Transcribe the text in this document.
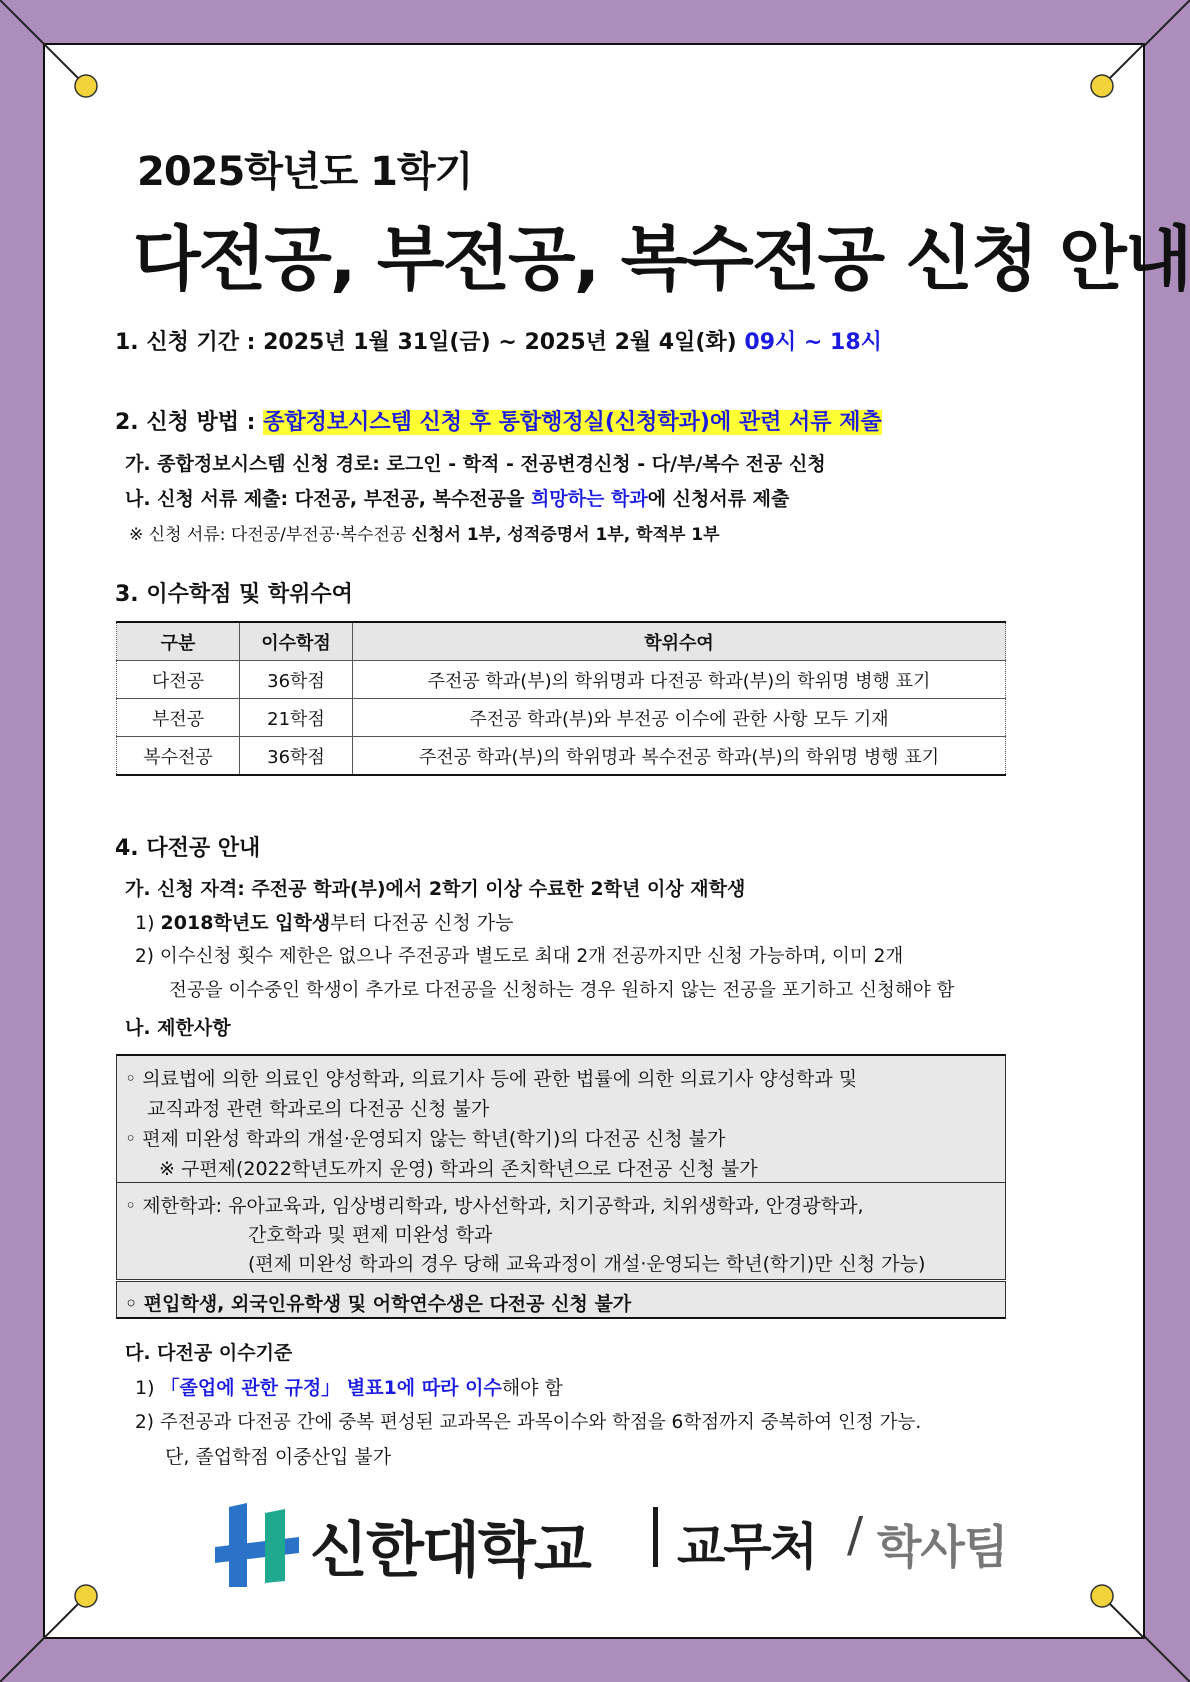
2025학년도 1학기
다전공, 부전공, 복수전공 신청 안내
1. 신청 기간 : 2025년 1월 31일(금) ~ 2025년 2월 4일(화) 09시 ~ 18시
2. 신청 방법 : 종합정보시스템 신청 후 통합행정실(신청학과)에 관련 서류 제출
가. 종합정보시스템 신청 경로: 로그인 - 학적 - 전공변경신청 - 다/부/복수 전공 신청
나. 신청 서류 제출: 다전공, 부전공, 복수전공을 희망하는 학과에 신청서류 제출
※ 신청 서류: 다전공/부전공·복수전공 신청서 1부, 성적증명서 1부, 학적부 1부
3. 이수학점 및 학위수여
구분	이수학점	학위수여
다전공	36학점	주전공 학과(부)의 학위명과 다전공 학과(부)의 학위명 병행 표기
부전공	21학점	주전공 학과(부)와 부전공 이수에 관한 사항 모두 기재
복수전공	36학점	주전공 학과(부)의 학위명과 복수전공 학과(부)의 학위명 병행 표기
4. 다전공 안내
가. 신청 자격: 주전공 학과(부)에서 2학기 이상 수료한 2학년 이상 재학생
1) 2018학년도 입학생부터 다전공 신청 가능
2) 이수신청 횟수 제한은 없으나 주전공과 별도로 최대 2개 전공까지만 신청 가능하며, 이미 2개
전공을 이수중인 학생이 추가로 다전공을 신청하는 경우 원하지 않는 전공을 포기하고 신청해야 함
나. 제한사항
◦ 의료법에 의한 의료인 양성학과, 의료기사 등에 관한 법률에 의한 의료기사 양성학과 및
교직과정 관련 학과로의 다전공 신청 불가
◦ 편제 미완성 학과의 개설·운영되지 않는 학년(학기)의 다전공 신청 불가
※ 구편제(2022학년도까지 운영) 학과의 존치학년으로 다전공 신청 불가
◦ 제한학과: 유아교육과, 임상병리학과, 방사선학과, 치기공학과, 치위생학과, 안경광학과,
간호학과 및 편제 미완성 학과
(편제 미완성 학과의 경우 당해 교육과정이 개설·운영되는 학년(학기)만 신청 가능)
◦ 편입학생, 외국인유학생 및 어학연수생은 다전공 신청 불가
다. 다전공 이수기준
1) 「졸업에 관한 규정」 별표1에 따라 이수해야 함
2) 주전공과 다전공 간에 중복 편성된 교과목은 과목이수와 학점을 6학점까지 중복하여 인정 가능.
단, 졸업학점 이중산입 불가
신한대학교 교무처 / 학사팀
